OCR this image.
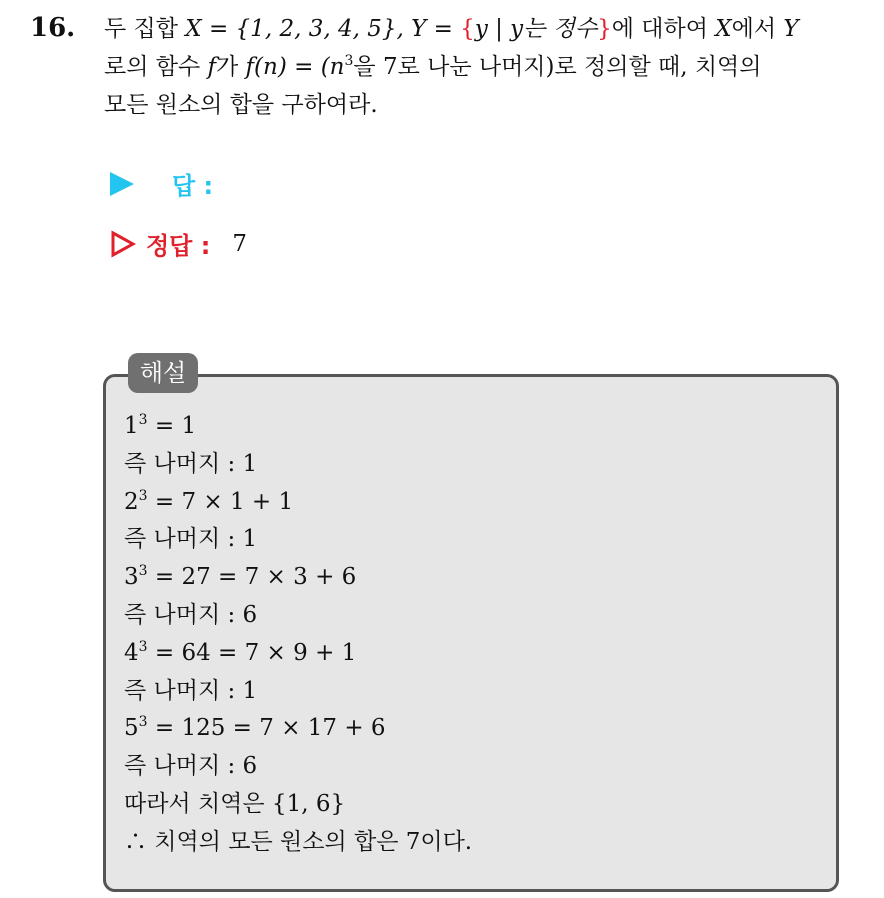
16. 두 집합 X = {1, 2, 3, 4, 5}, Y = {y | y는 정수}에 대하여 X에서 Y
로의 함수 f가 $f(n) = (n^3$을 7로 나눈 나머지)로 정의할 때, 치역의
모든 원소의 합을 구하여라.
답 :
정답 : 7
해설
$1^3 = 1$
즉 나머지 : 1
$2^3 = 7 \times 1 + 1$
즉 나머지 : 1
$3^3 = 27 = 7 \times 3 + 6$
즉 나머지 : 6
$4^3 = 64 = 7 \times 9 + 1$
즉 나머지 : 1
$5^3 = 125 = 7 \times 17 + 6$
즉 나머지 : 6
따라서 치역은 {1, 6}
∴ 치역의 모든 원소의 합은 7이다.
